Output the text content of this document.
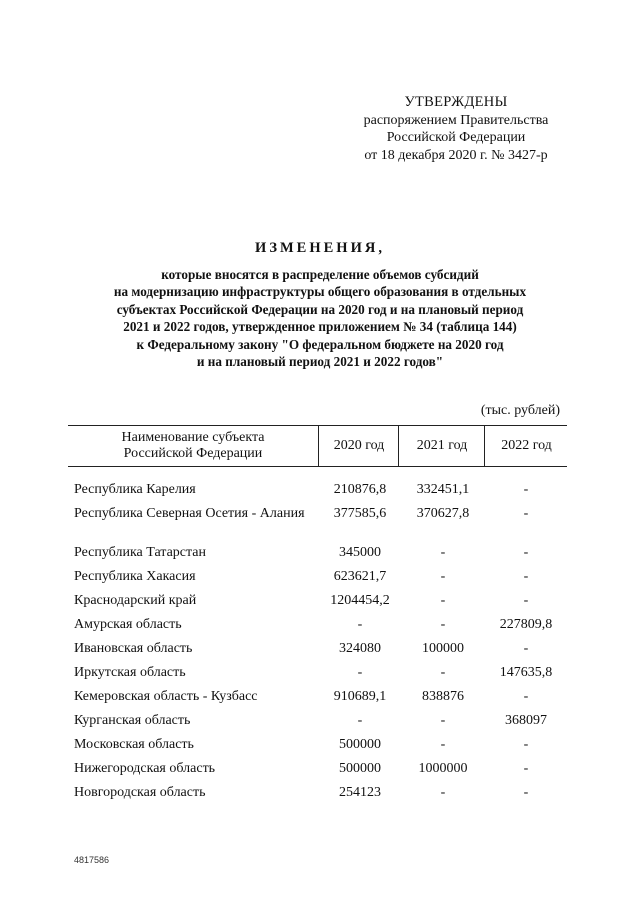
УТВЕРЖДЕНЫ
распоряжением Правительства
Российской Федерации
от 18 декабря 2020 г. № 3427-р
ИЗМЕНЕНИЯ,
которые вносятся в распределение объемов субсидий
на модернизацию инфраструктуры общего образования в отдельных
субъектах Российской Федерации на 2020 год и на плановый период
2021 и 2022 годов, утвержденное приложением № 34 (таблица 144)
к Федеральному закону "О федеральном бюджете на 2020 год
и на плановый период 2021 и 2022 годов"
(тыс. рублей)
Наименование субъекта
Российской Федерации
2020 год	2021 год	2022 год
Республика Карелия	210876,8	332451,1	-
Республика Северная Осетия - Алания	377585,6	370627,8	-
Республика Татарстан	345000	-	-
Республика Хакасия	623621,7	-	-
Краснодарский край	1204454,2	-	-
Амурская область	-	-	227809,8
Ивановская область	324080	100000	-
Иркутская область	-	-	147635,8
Кемеровская область - Кузбасс	910689,1	838876	-
Курганская область	-	-	368097
Московская область	500000	-	-
Нижегородская область	500000	1000000	-
Новгородская область	254123	-	-
4817586
